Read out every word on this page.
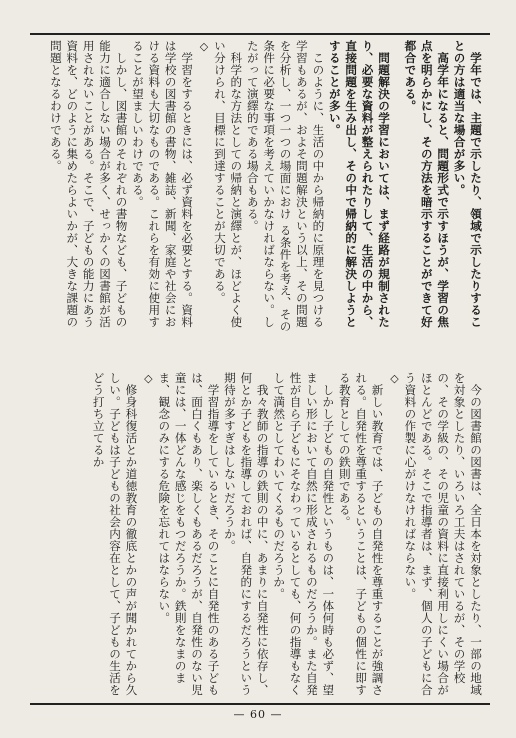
学年では、主題で示したり、領域で示したりすることの方は適当な場合が多い。

高学年になると、問題形式で示すほうが、学習の焦点を明らかにし、その方法を暗示することができて好都合である。

問題解決の学習においては、まず経路が規制されたり、必要な資料が整えられたりして、生活の中から、直接問題を生み出し、その中で帰納的に解決しようとすることが多い。

このように、生活の中から帰納的に原理を見つける学習もあるが、およそ問題解決という以上、その問題を分析し、一つ一つの場面におけ る条件を考え、その条件に必要な事項を考えていかなければならない。したがって演繹的である場合もある。

科学的な方法としての帰納と演繹とが、ほどよく使い分けられ、目標に到達することが大切である。

◇

学習をするときには、必ず資料を必要とする。資料は学校の図書館の書物、雑誌、新聞、家庭や社会における資料も大切なものである。これらを有効に使用することが望ましいわけである。

しかし、図書館のそれぞれの書物なども、子どもの能力に適合しない場合が多く、せっかくの図書館が活用されないことがある。そこで、子どもの能力にあう資料を、どのように集めたらよいかが、大きな課題の問題となるわけである。

今の図書館の図書は、全日本を対象としたり、一部の地域を対象としたり、いろいろ工夫はされているが、その学校の、その学級の、その児童の資料に直接利用しにくい場合がほとんどである。そこで指導者は、まず、個人の子どもに合う資料の作製に心がけなければならない。

◇

新しい教育では、子どもの自発性を尊重することが強調される。自発性を尊重するということは、子どもの個性に即する教育としての鉄則である。

しかし子どもの自発性というものは、一体何時も必ず、望ましい形において自然に形成されるものだろうか。また自発性が自ら子どもにそなわっているとしても、何の指導もなくして満然としてわいてくるものだろうか。

我々教師の指導の鉄則の中に、あまりに自発性に依存し、何とか子どもを指導しておれば、自発的にするだろうという期待が多すぎはしないだろうか。

学習指導をしているとき、そのことに自発性のある子どもは、面白くもあり、楽しくもあるだろうが、自発性のない児童には、一体どんな感じをもつだろうか。鉄則をなまのまま、観念のみにする危険を忘れてはならない。

◇

修身科復活とか道徳教育の徹底とかの声が聞かれてから久しい。子どもは子どもの社会内容在として、子どもの生活をどう打ち立てるか

— 60 —
